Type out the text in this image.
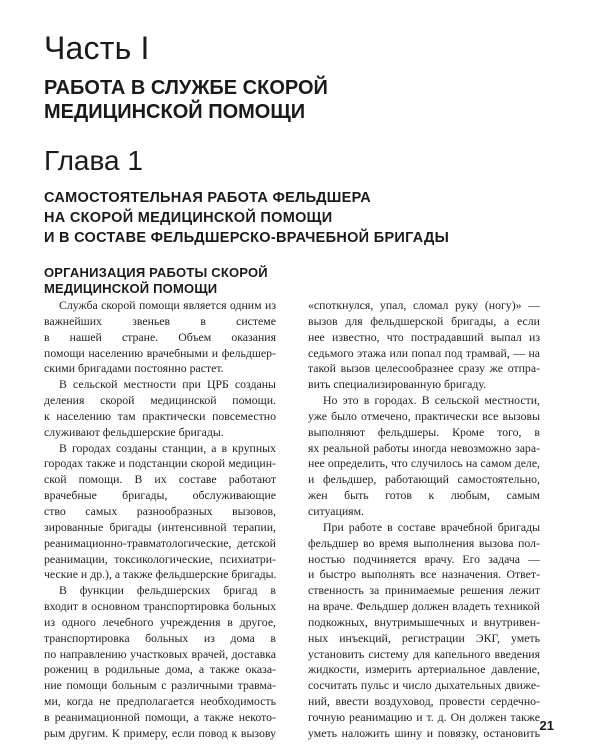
Часть I
РАБОТА В СЛУЖБЕ СКОРОЙ
МЕДИЦИНСКОЙ ПОМОЩИ
Глава 1
САМОСТОЯТЕЛЬНАЯ РАБОТА ФЕЛЬДШЕРА
НА СКОРОЙ МЕДИЦИНСКОЙ ПОМОЩИ
И В СОСТАВЕ ФЕЛЬДШЕРСКО-ВРАЧЕБНОЙ БРИГАДЫ
ОРГАНИЗАЦИЯ РАБОТЫ СКОРОЙ
МЕДИЦИНСКОЙ ПОМОЩИ
Служба скорой помощи является одним из
важнейших звеньев в системе
в нашей стране. Объем оказания
помощи населению врачебными и фельдшер-
скими бригадами постоянно растет.
В сельской местности при ЦРБ созданы
деления скорой медицинской помощи.
к населению там практически повсеместно
служивают фельдшерские бригады.
В городах созданы станции, а в крупных
городах также и подстанции скорой медицин-
ской помощи. В их составе работают
врачебные бригады, обслуживающие
ство самых разнообразных вызовов,
зированные бригады (интенсивной терапии,
реанимационно-травматологические, детской
реанимации, токсикологические, психиатри-
ческие и др.), а также фельдшерские бригады.
В функции фельдшерских бригад в
входит в основном транспортировка больных
из одного лечебного учреждения в другое,
транспортировка больных из дома в
по направлению участковых врачей, доставка
рожениц в родильные дома, а также оказа-
ние помощи больным с различными травма-
ми, когда не предполагается необходимость
в реанимационной помощи, а также некото-
рым другим. К примеру, если повод к вызову
«споткнулся, упал, сломал руку (ногу)» —
вызов для фельдшерской бригады, а если
нее известно, что пострадавший выпал из
седьмого этажа или попал под трамвай, — на
такой вызов целесообразнее сразу же отпра-
вить специализированную бригаду.
Но это в городах. В сельской местности,
уже было отмечено, практически все вызовы
выполняют фельдшеры. Кроме того, в
ях реальной работы иногда невозможно зара-
нее определить, что случилось на самом деле,
и фельдшер, работающий самостоятельно,
жен быть готов к любым, самым
ситуациям.
При работе в составе врачебной бригады
фельдшер во время выполнения вызова пол-
ностью подчиняется врачу. Его задача —
и быстро выполнять все назначения. Ответ-
ственность за принимаемые решения лежит
на враче. Фельдшер должен владеть техникой
подкожных, внутримышечных и внутривен-
ных инъекций, регистрации ЭКГ, уметь
установить систему для капельного введения
жидкости, измерить артериальное давление,
сосчитать пульс и число дыхательных движе-
ний, ввести воздуховод, провести сердечно-
гочную реанимацию и т. д. Он должен также
уметь наложить шину и повязку, остановить 21
